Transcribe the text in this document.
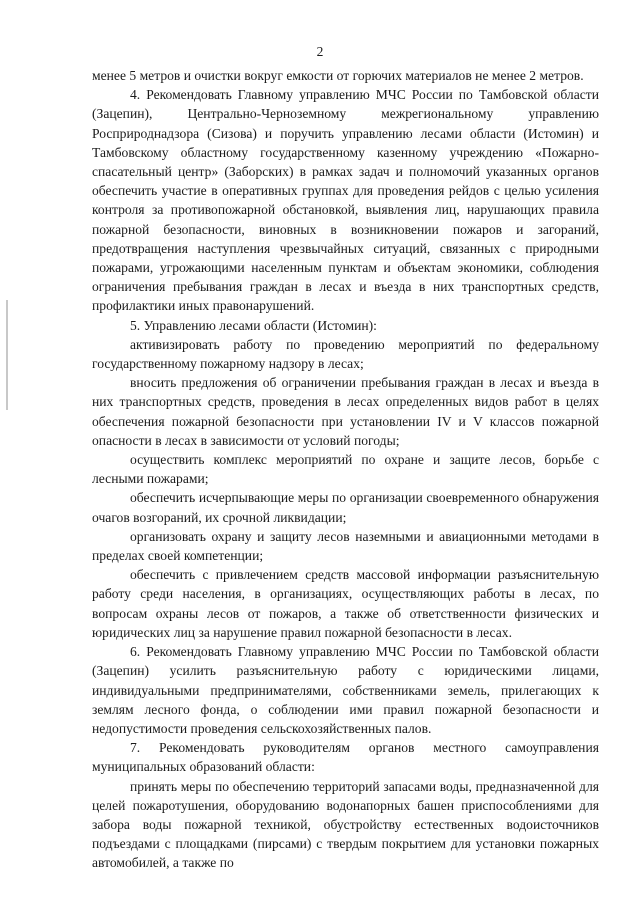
2

менее 5 метров и очистки вокруг емкости от горючих материалов не менее 2 метров.

4. Рекомендовать Главному управлению МЧС России по Тамбовской области (Зацепин), Центрально-Черноземному межрегиональному управлению Росприроднадзора (Сизова) и поручить управлению лесами области (Истомин) и Тамбовскому областному государственному казенному учреждению «Пожарно-спасательный центр» (Заборских) в рамках задач и полномочий указанных органов обеспечить участие в оперативных группах для проведения рейдов с целью усиления контроля за противопожарной обстановкой, выявления лиц, нарушающих правила пожарной безопасности, виновных в возникновении пожаров и загораний, предотвращения наступления чрезвычайных ситуаций, связанных с природными пожарами, угрожающими населенным пунктам и объектам экономики, соблюдения ограничения пребывания граждан в лесах и въезда в них транспортных средств, профилактики иных правонарушений.

5. Управлению лесами области (Истомин):

активизировать работу по проведению мероприятий по федеральному государственному пожарному надзору в лесах;

вносить предложения об ограничении пребывания граждан в лесах и въезда в них транспортных средств, проведения в лесах определенных видов работ в целях обеспечения пожарной безопасности при установлении IV и V классов пожарной опасности в лесах в зависимости от условий погоды;

осуществить комплекс мероприятий по охране и защите лесов, борьбе с лесными пожарами;

обеспечить исчерпывающие меры по организации своевременного обнаружения очагов возгораний, их срочной ликвидации;

организовать охрану и защиту лесов наземными и авиационными методами в пределах своей компетенции;

обеспечить с привлечением средств массовой информации разъяснительную работу среди населения, в организациях, осуществляющих работы в лесах, по вопросам охраны лесов от пожаров, а также об ответственности физических и юридических лиц за нарушение правил пожарной безопасности в лесах.

6. Рекомендовать Главному управлению МЧС России по Тамбовской области (Зацепин) усилить разъяснительную работу с юридическими лицами, индивидуальными предпринимателями, собственниками земель, прилегающих к землям лесного фонда, о соблюдении ими правил пожарной безопасности и недопустимости проведения сельскохозяйственных палов.

7. Рекомендовать руководителям органов местного самоуправления муниципальных образований области:

принять меры по обеспечению территорий запасами воды, предназначенной для целей пожаротушения, оборудованию водонапорных башен приспособлениями для забора воды пожарной техникой, обустройству естественных водоисточников подъездами с площадками (пирсами) с твердым покрытием для установки пожарных автомобилей, а также по
